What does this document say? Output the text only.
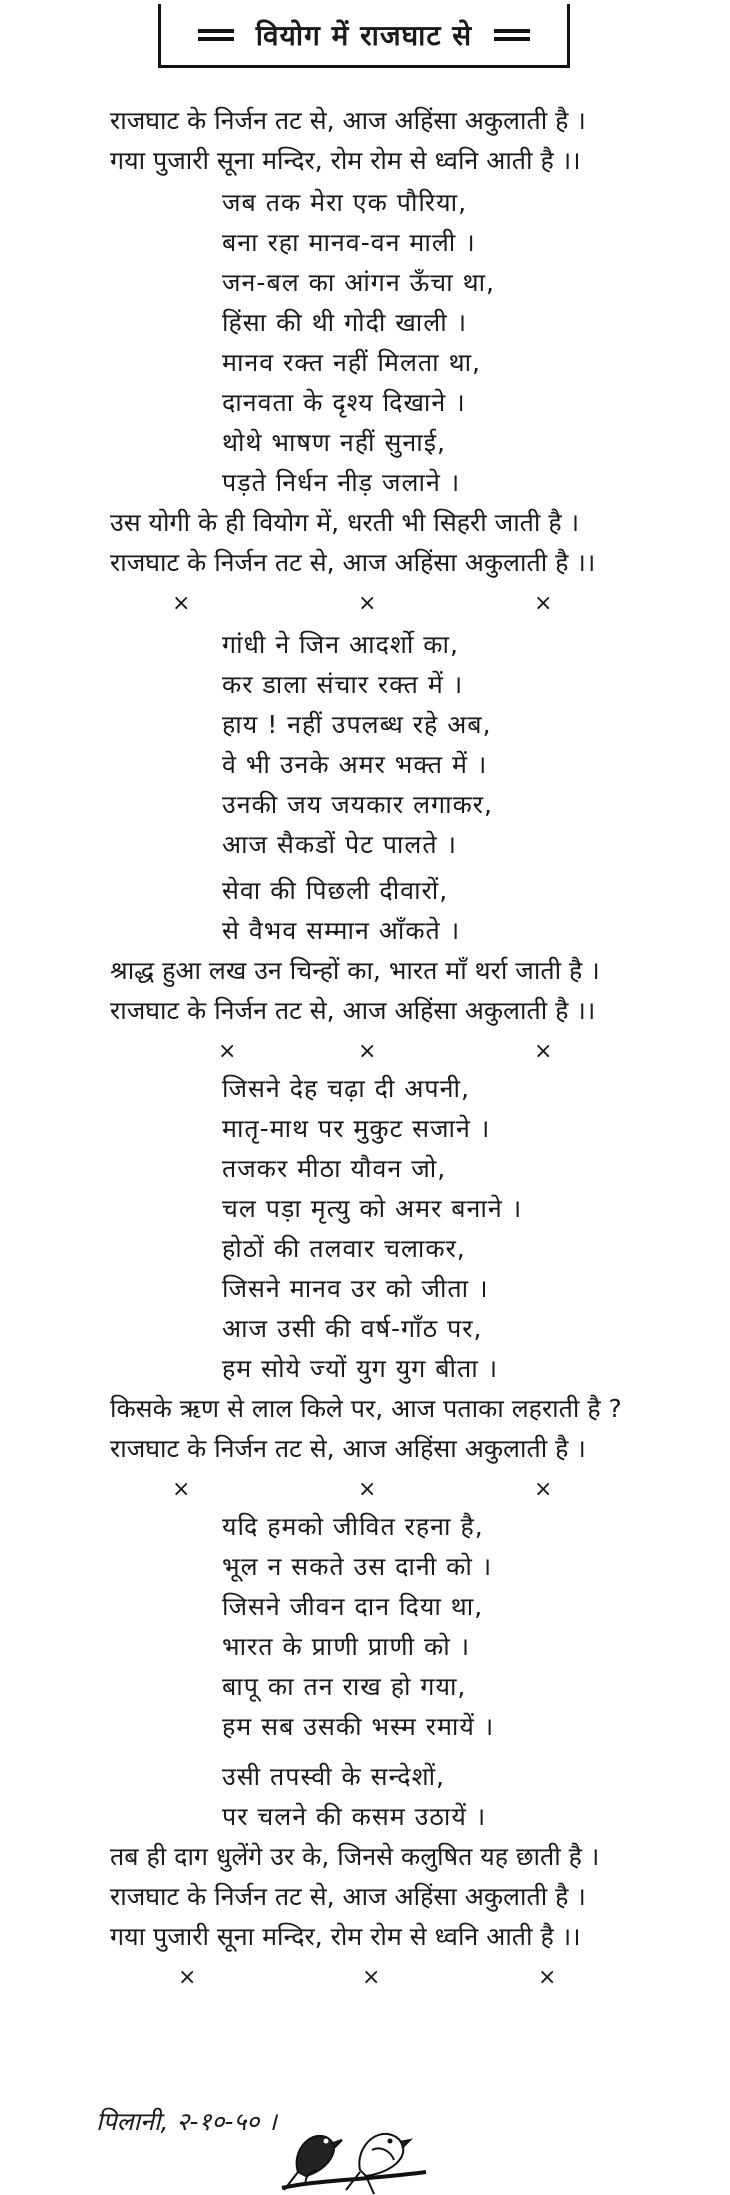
वियोग में राजघाट से
राजघाट के निर्जन तट से, आज अहिंसा अकुलाती है ।
गया पुजारी सूना मन्दिर, रोम रोम से ध्वनि आती है ।।
जब तक मेरा एक पौरिया,
बना रहा मानव-वन माली ।
जन-बल का आंगन ऊँचा था,
हिंसा की थी गोदी खाली ।
मानव रक्त नहीं मिलता था,
दानवता के दृश्य दिखाने ।
थोथे भाषण नहीं सुनाई,
पड़ते निर्धन नीड़ जलाने ।
उस योगी के ही वियोग में, धरती भी सिहरी जाती है ।
राजघाट के निर्जन तट से, आज अहिंसा अकुलाती है ।।
×	×	×
गांधी ने जिन आदर्शो का,
कर डाला संचार रक्त में ।
हाय ! नहीं उपलब्ध रहे अब,
वे भी उनके अमर भक्त में ।
उनकी जय जयकार लगाकर,
आज सैकडों पेट पालते ।
सेवा की पिछली दीवारों,
से वैभव सम्मान आँकते ।
श्राद्ध हुआ लख उन चिन्हों का, भारत माँ थर्रा जाती है ।
राजघाट के निर्जन तट से, आज अहिंसा अकुलाती है ।।
×	×	×
जिसने देह चढ़ा दी अपनी,
मातृ-माथ पर मुकुट सजाने ।
तजकर मीठा यौवन जो,
चल पड़ा मृत्यु को अमर बनाने ।
होठों की तलवार चलाकर,
जिसने मानव उर को जीता ।
आज उसी की वर्ष-गाँठ पर,
हम सोये ज्यों युग युग बीता ।
किसके ऋण से लाल किले पर, आज पताका लहराती है ?
राजघाट के निर्जन तट से, आज अहिंसा अकुलाती है ।
×	×	×
यदि हमको जीवित रहना है,
भूल न सकते उस दानी को ।
जिसने जीवन दान दिया था,
भारत के प्राणी प्राणी को ।
बापू का तन राख हो गया,
हम सब उसकी भस्म रमायें ।
उसी तपस्वी के सन्देशों,
पर चलने की कसम उठायें ।
तब ही दाग धुलेंगे उर के, जिनसे कलुषित यह छाती है ।
राजघाट के निर्जन तट से, आज अहिंसा अकुलाती है ।
गया पुजारी सूना मन्दिर, रोम रोम से ध्वनि आती है ।।
×	×	×
पिलानी, २-१०-५० ।
